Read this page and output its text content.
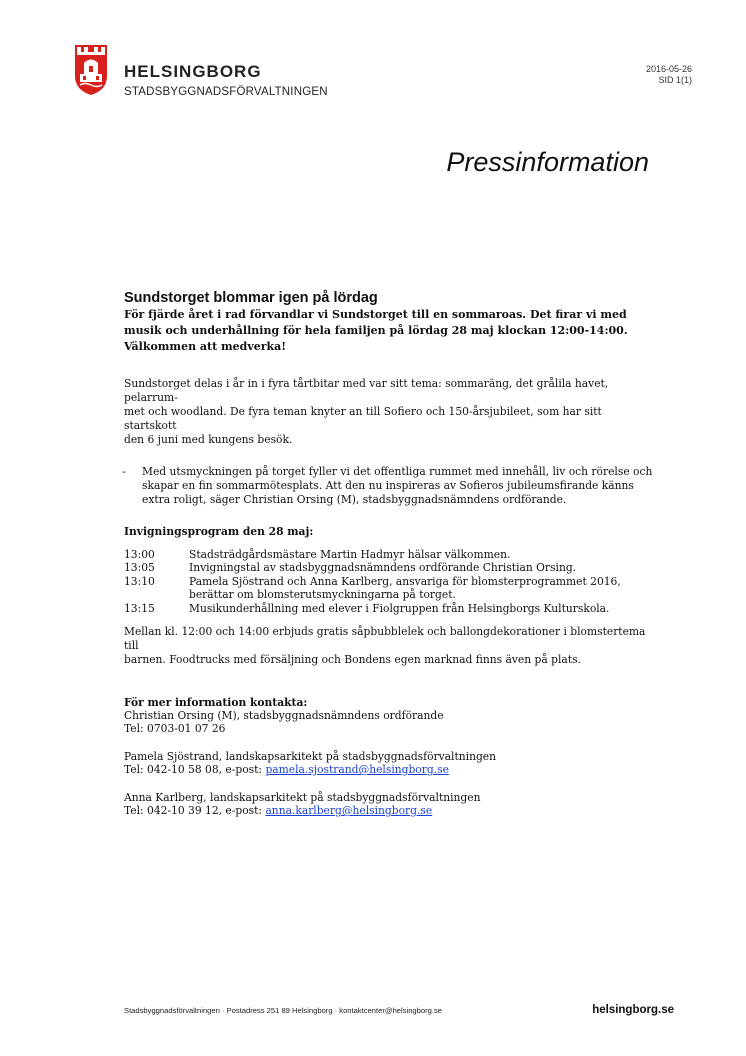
HELSINGBORG
STADSBYGGNADSFÖRVALTNINGEN
2016-05-26
SID 1(1)
Pressinformation
Sundstorget blommar igen på lördag

För fjärde året i rad förvandlar vi Sundstorget till en sommaroas. Det firar vi med musik och underhållning för hela familjen på lördag 28 maj klockan 12:00-14:00. Välkommen att medverka!

Sundstorget delas i år in i fyra tårtbitar med var sitt tema: sommaräng, det grålila havet, pelarrum-

met och woodland. De fyra teman knyter an till Sofiero och 150-årsjubileet, som har sitt startskott

den 6 juni med kungens besök.

- Med utsmyckningen på torget fyller vi det offentliga rummet med innehåll, liv och rörelse och skapar en fin sommarmötesplats. Att den nu inspireras av Sofieros jubileumsfirande känns extra roligt, säger Christian Orsing (M), stadsbyggnadsnämndens ordförande.

Invigningsprogram den 28 maj:
13:00	Stadsträdgårdsmästare Martin Hadmyr hälsar välkommen.
13:05	Invigningstal av stadsbyggnadsnämndens ordförande Christian Orsing.
13:10	Pamela Sjöstrand och Anna Karlberg, ansvariga för blomsterprogrammet 2016, berättar om blomsterutsmyckningarna på torget.
13:15	Musikunderhållning med elever i Fiolgruppen från Helsingborgs Kulturskola.

Mellan kl. 12:00 och 14:00 erbjuds gratis såpbubblelek och ballongdekorationer i blomstertema till

barnen. Foodtrucks med försäljning och Bondens egen marknad finns även på plats.

För mer information kontakta:
Christian Orsing (M), stadsbyggnadsnämndens ordförande
Tel: 0703-01 07 26
Pamela Sjöstrand, landskapsarkitekt på stadsbyggnadsförvaltningen
Tel: 042-10 58 08, e-post: pamela.sjostrand@helsingborg.se
Anna Karlberg, landskapsarkitekt på stadsbyggnadsförvaltningen
Tel: 042-10 39 12, e-post: anna.karlberg@helsingborg.se
Stadsbyggnadsförvaltningen · Postadress 251 89 Helsingborg · kontaktcenter@helsingborg.se	helsingborg.se
